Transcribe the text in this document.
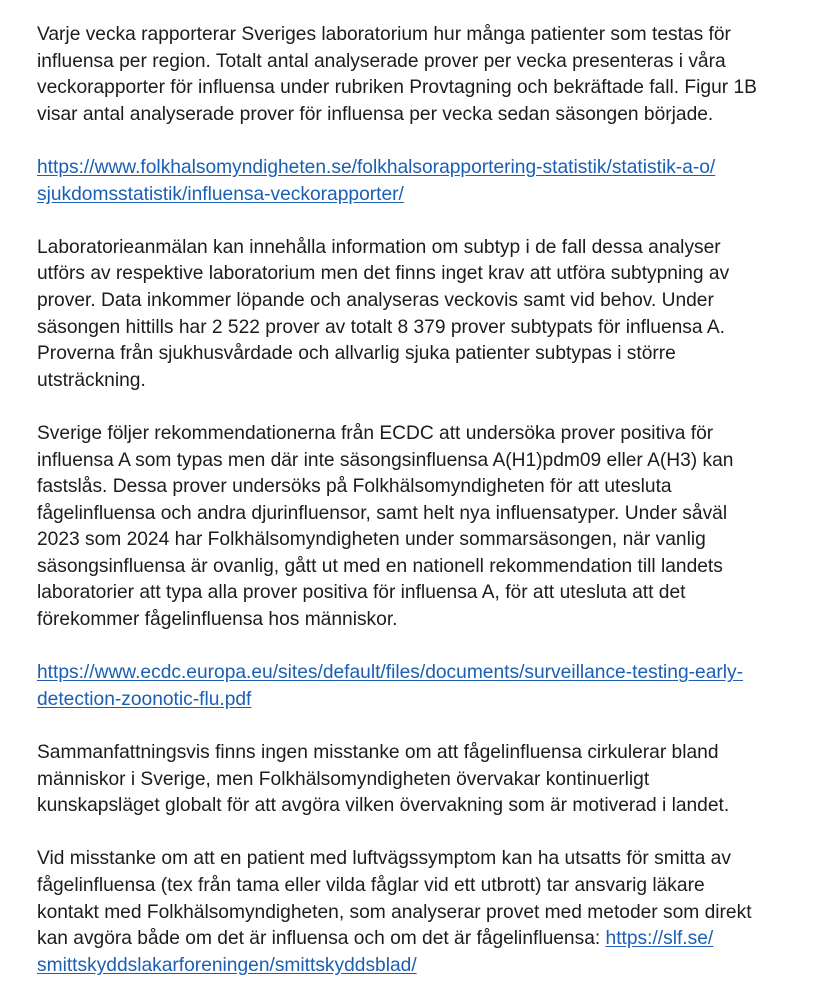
Varje vecka rapporterar Sveriges laboratorium hur många patienter som testas för
influensa per region. Totalt antal analyserade prover per vecka presenteras i våra
veckorapporter för influensa under rubriken Provtagning och bekräftade fall. Figur 1B
visar antal analyserade prover för influensa per vecka sedan säsongen började.

https://www.folkhalsomyndigheten.se/folkhalsorapportering-statistik/statistik-a-o/
sjukdomsstatistik/influensa-veckorapporter/

Laboratorieanmälan kan innehålla information om subtyp i de fall dessa analyser
utförs av respektive laboratorium men det finns inget krav att utföra subtypning av
prover. Data inkommer löpande och analyseras veckovis samt vid behov. Under
säsongen hittills har 2 522 prover av totalt 8 379 prover subtypats för influensa A.
Proverna från sjukhusvårdade och allvarlig sjuka patienter subtypas i större
utsträckning.

Sverige följer rekommendationerna från ECDC att undersöka prover positiva för
influensa A som typas men där inte säsongsinfluensa A(H1)pdm09 eller A(H3) kan
fastslås. Dessa prover undersöks på Folkhälsomyndigheten för att utesluta
fågelinfluensa och andra djurinfluensor, samt helt nya influensatyper. Under såväl
2023 som 2024 har Folkhälsomyndigheten under sommarsäsongen, när vanlig
säsongsinfluensa är ovanlig, gått ut med en nationell rekommendation till landets
laboratorier att typa alla prover positiva för influensa A, för att utesluta att det
förekommer fågelinfluensa hos människor.

https://www.ecdc.europa.eu/sites/default/files/documents/surveillance-testing-early-
detection-zoonotic-flu.pdf

Sammanfattningsvis finns ingen misstanke om att fågelinfluensa cirkulerar bland
människor i Sverige, men Folkhälsomyndigheten övervakar kontinuerligt
kunskapsläget globalt för att avgöra vilken övervakning som är motiverad i landet.

Vid misstanke om att en patient med luftvägssymptom kan ha utsatts för smitta av
fågelinfluensa (tex från tama eller vilda fåglar vid ett utbrott) tar ansvarig läkare
kontakt med Folkhälsomyndigheten, som analyserar provet med metoder som direkt
kan avgöra både om det är influensa och om det är fågelinfluensa: https://slf.se/
smittskyddslakarforeningen/smittskyddsblad/
